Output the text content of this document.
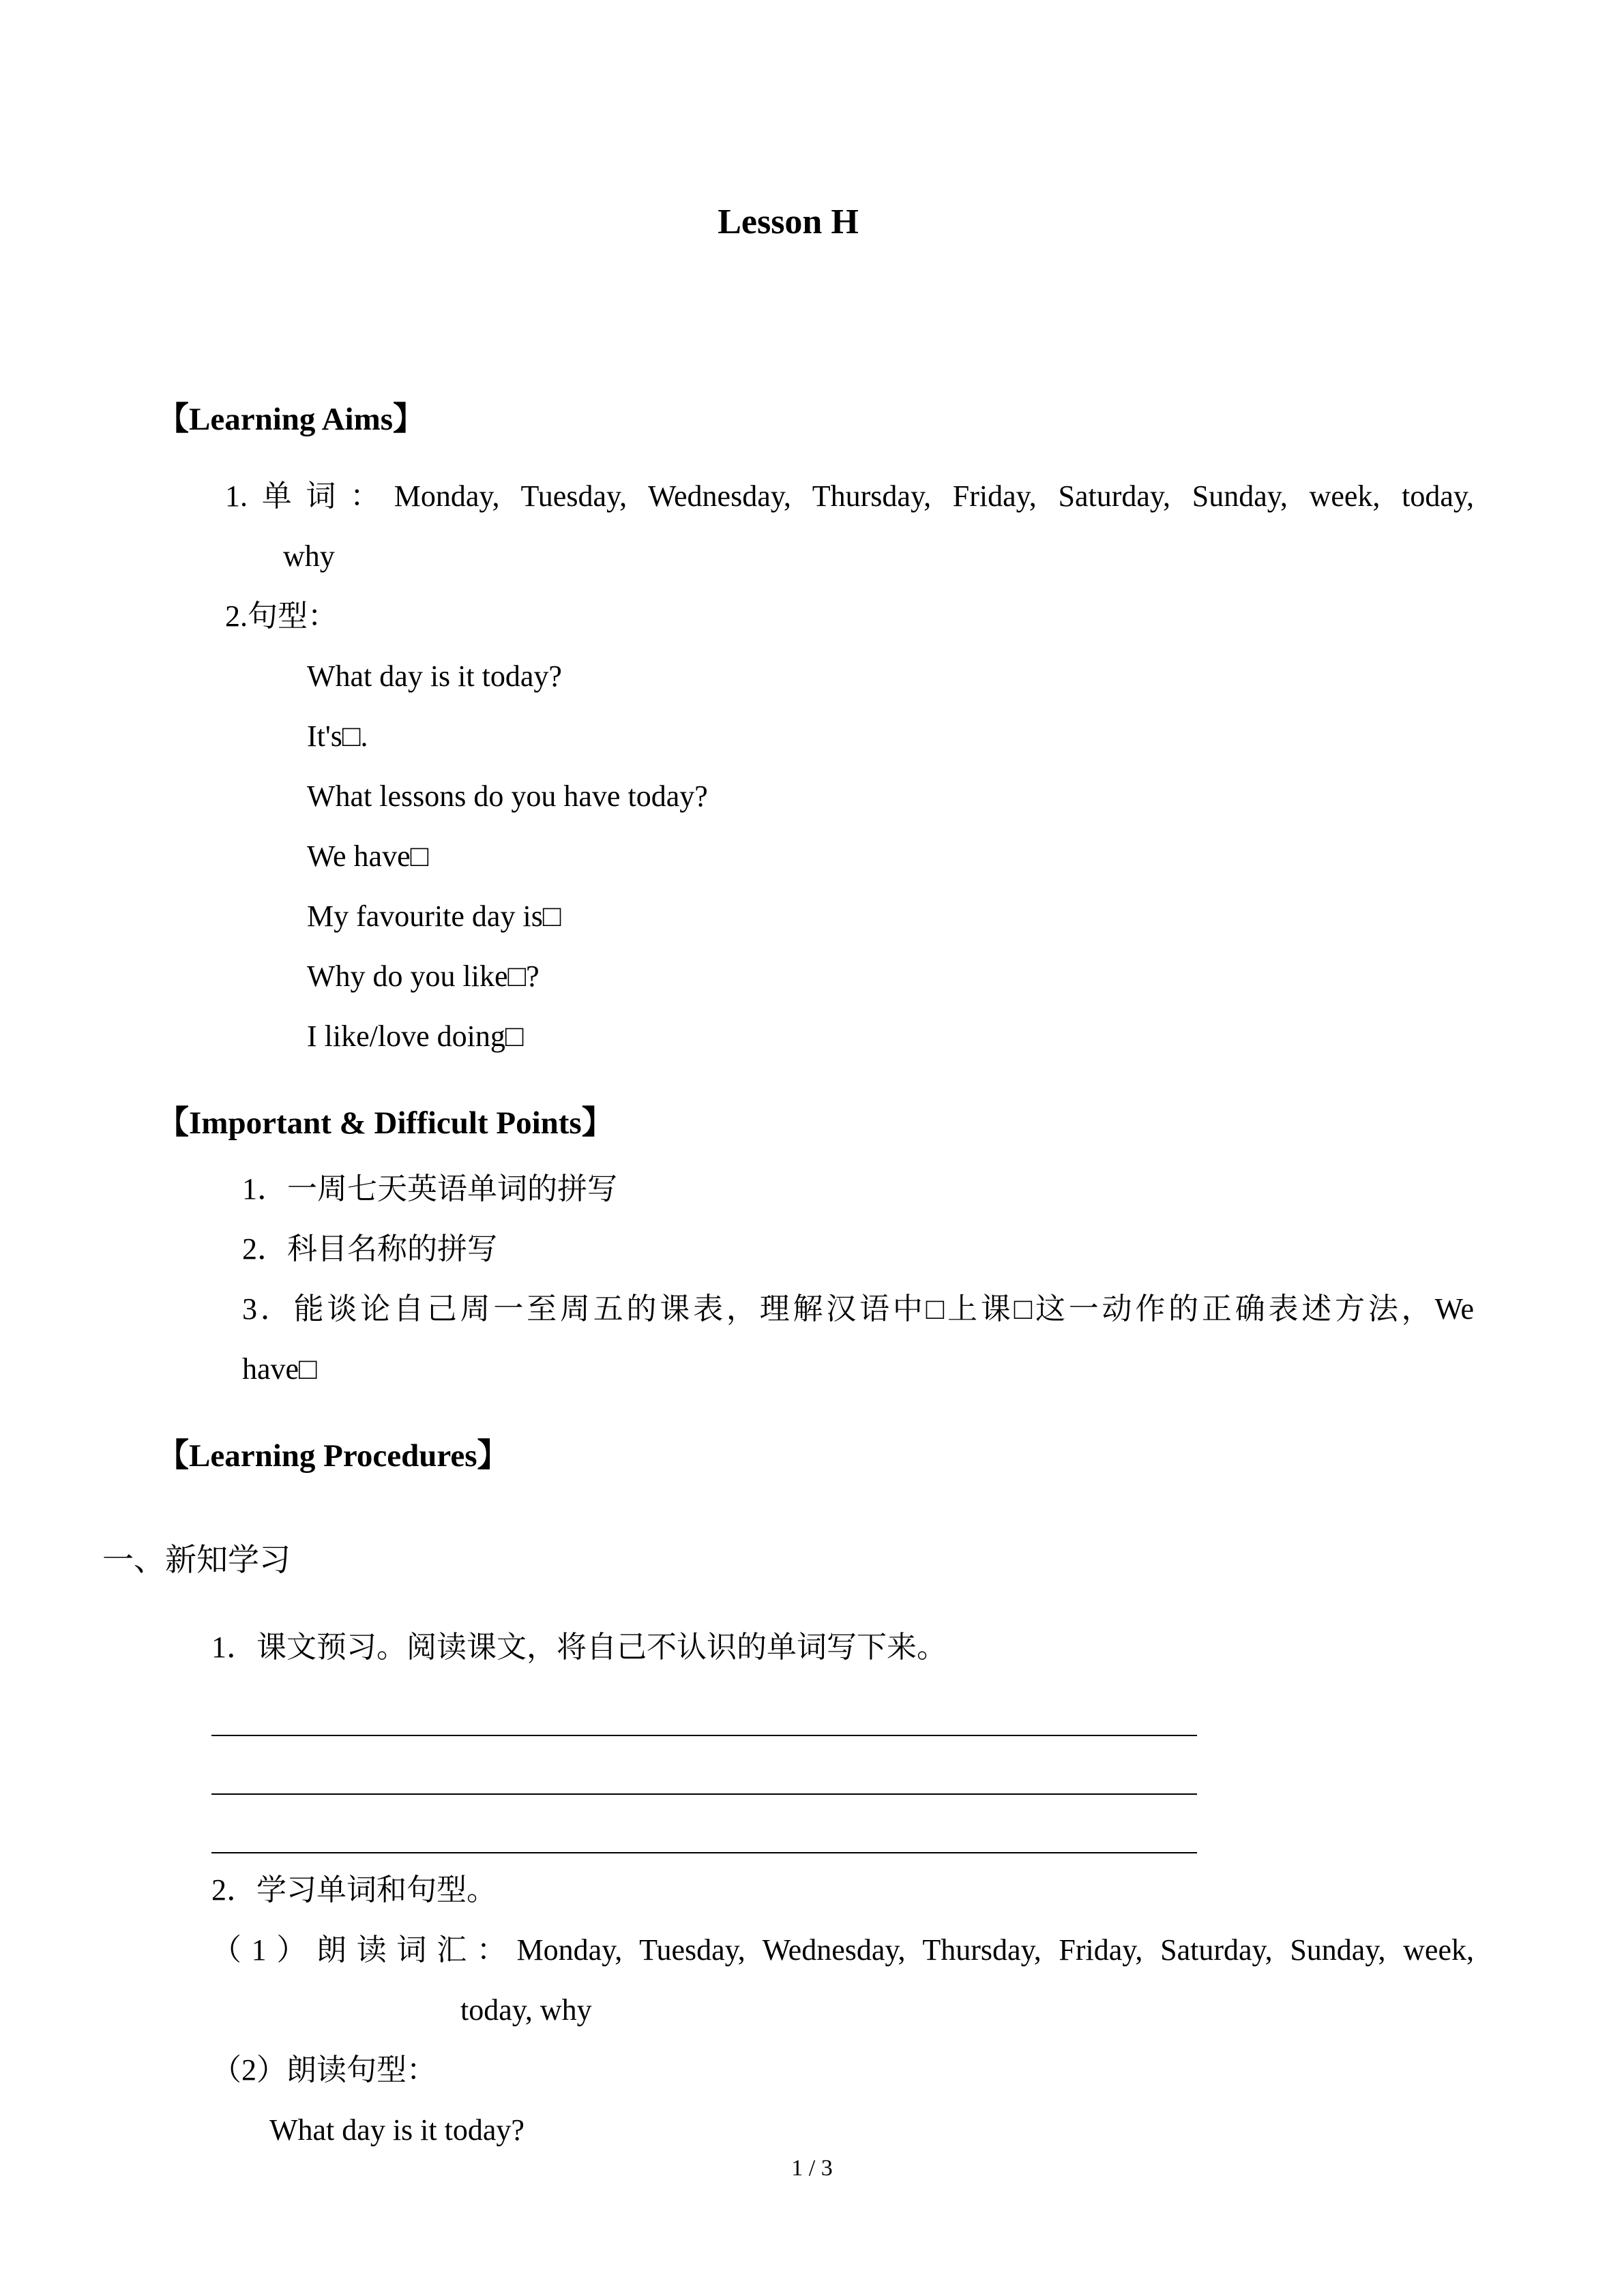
Lesson H
【Learning Aims】
1.单词：Monday, Tuesday, Wednesday, Thursday, Friday, Saturday, Sunday, week, today,
why
2.句型：
What day is it today?
It's□.
What lessons do you have today?
We have□
My favourite day is□
Why do you like□?
I like/love doing□
【Important & Difficult Points】
1．一周七天英语单词的拼写
2．科目名称的拼写
3．能谈论自己周一至周五的课表，理解汉语中□上课□这一动作的正确表述方法，We
have□
【Learning Procedures】
一、新知学习
1．课文预习。阅读课文，将自己不认识的单词写下来。
2．学习单词和句型。
（1）朗读词汇：Monday, Tuesday, Wednesday, Thursday, Friday, Saturday, Sunday, week,
today, why
（2）朗读句型：
What day is it today?
1 / 3
